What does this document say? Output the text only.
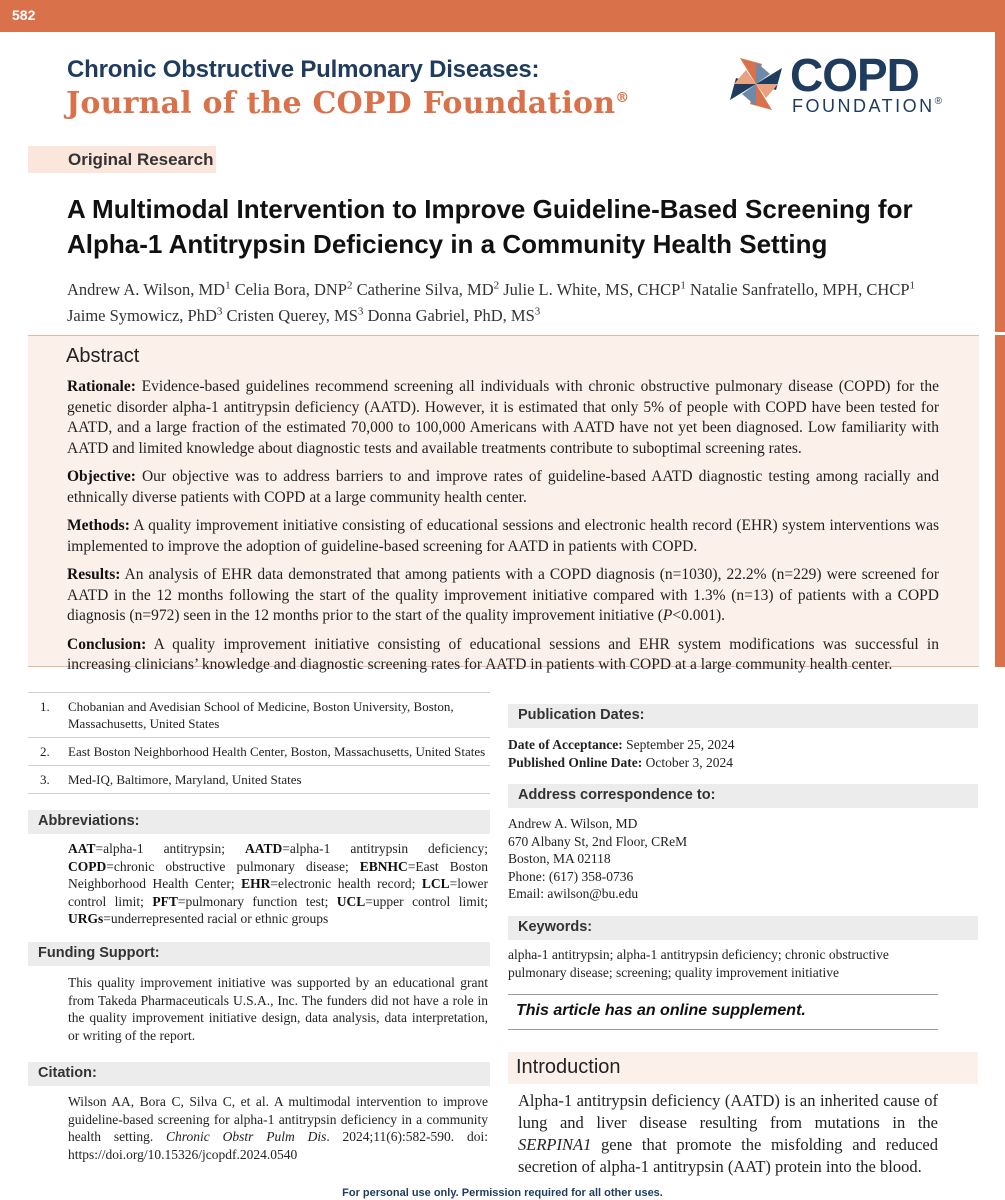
582
Chronic Obstructive Pulmonary Diseases:
Journal of the COPD Foundation®	COPD
FOUNDATION®
Original Research
A Multimodal Intervention to Improve Guideline-Based Screening for
Alpha-1 Antitrypsin Deficiency in a Community Health Setting
Andrew A. Wilson, $MD^1$ Celia Bora, DNP$^2$ Catherine Silva, $MD^2$ Julie L. White, MS, CHCP$^1$ Natalie Sanfratello, MPH, CHCP$^1$
Jaime Symowicz, PhD$^3$ Cristen Querey, $MS^3$ Donna Gabriel, PhD, $MS^3$
Abstract

Rationale: Evidence-based guidelines recommend screening all individuals with chronic obstructive pulmonary disease (COPD) for the genetic disorder alpha-1 antitrypsin deficiency (AATD). However, it is estimated that only 5% of people with COPD have been tested for AATD, and a large fraction of the estimated 70,000 to 100,000 Americans with AATD have not yet been diagnosed. Low familiarity with AATD and limited knowledge about diagnostic tests and available treatments contribute to suboptimal screening rates.

Objective: Our objective was to address barriers to and improve rates of guideline-based AATD diagnostic testing among racially and ethnically diverse patients with COPD at a large community health center.

Methods: A quality improvement initiative consisting of educational sessions and electronic health record (EHR) system interventions was implemented to improve the adoption of guideline-based screening for AATD in patients with COPD.

Results: An analysis of EHR data demonstrated that among patients with a COPD diagnosis (n=1030), 22.2% (n=229) were screened for AATD in the 12 months following the start of the quality improvement initiative compared with 1.3% (n=13) of patients with a COPD diagnosis (n=972) seen in the 12 months prior to the start of the quality improvement initiative (P<0.001).

Conclusion: A quality improvement initiative consisting of educational sessions and EHR system modifications was successful in increasing clinicians’ knowledge and diagnostic screening rates for AATD in patients with COPD at a large community health center.

1.	Chobanian and Avedisian School of Medicine, Boston University, Boston, Massachusetts, United States
2.	East Boston Neighborhood Health Center, Boston, Massachusetts, United States
3.	Med-IQ, Baltimore, Maryland, United States
Abbreviations:
AAT=alpha-1 antitrypsin; AATD=alpha-1 antitrypsin deficiency; COPD=chronic obstructive pulmonary disease; EBNHC=East Boston Neighborhood Health Center; EHR=electronic health record; LCL=lower control limit; PFT=pulmonary function test; UCL=upper control limit; URGs=underrepresented racial or ethnic groups
Funding Support:
This quality improvement initiative was supported by an educational grant from Takeda Pharmaceuticals U.S.A., Inc. The funders did not have a role in the quality improvement initiative design, data analysis, data interpretation, or writing of the report.
Citation:
Wilson AA, Bora C, Silva C, et al. A multimodal intervention to improve guideline-based screening for alpha-1 antitrypsin deficiency in a community health setting. Chronic Obstr Pulm Dis. 2024;11(6):582-590. doi: https://doi.org/10.15326/jcopdf.2024.0540
Publication Dates:
Date of Acceptance: September 25, 2024
Published Online Date: October 3, 2024
Address correspondence to:
Andrew A. Wilson, MD
670 Albany St, 2nd Floor, CReM
Boston, MA 02118
Phone: (617) 358-0736
Email: awilson@bu.edu
Keywords:
alpha-1 antitrypsin; alpha-1 antitrypsin deficiency; chronic obstructive pulmonary disease; screening; quality improvement initiative
This article has an online supplement.
Introduction
Alpha-1 antitrypsin deficiency (AATD) is an inherited cause of lung and liver disease resulting from mutations in the SERPINA1 gene that promote the misfolding and reduced secretion of alpha-1 antitrypsin (AAT) protein into the blood.
For personal use only. Permission required for all other uses.
